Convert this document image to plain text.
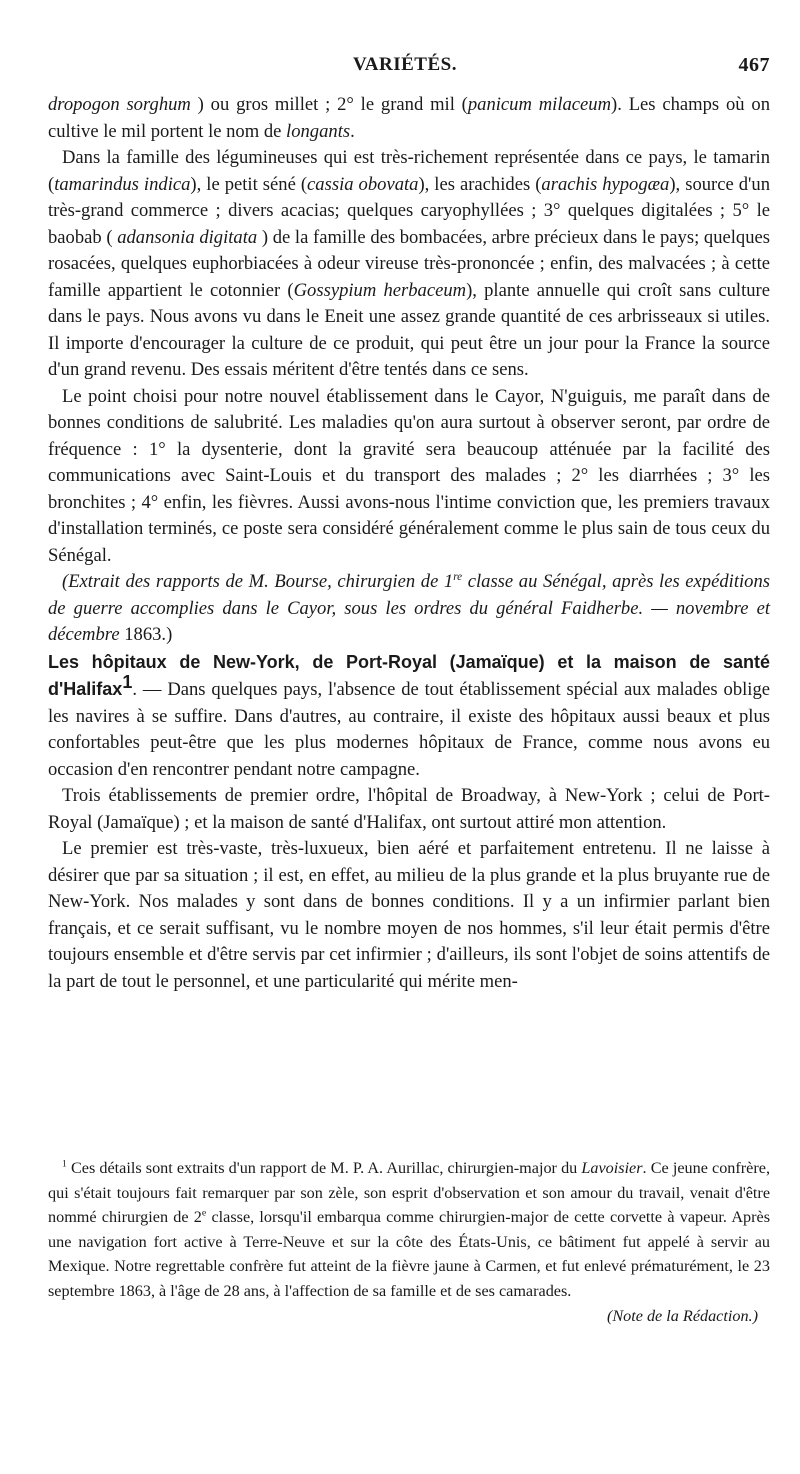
VARIÉTÉS.	467

dropogon sorghum ) ou gros millet ; 2° le grand mil (panicum milaceum). Les champs où on cultive le mil portent le nom de longants.

Dans la famille des légumineuses qui est très-richement représentée dans ce pays, le tamarin (tamarindus indica), le petit séné (cassia obovata), les arachides (arachis hypogæa), source d'un très-grand commerce ; divers acacias; quelques caryophyllées ; 3° quelques digitalées ; 5° le baobab ( adansonia digitata ) de la famille des bombacées, arbre précieux dans le pays; quelques rosacées, quelques euphorbiacées à odeur vireuse très-prononcée ; enfin, des malvacées ; à cette famille appartient le cotonnier (Gossypium herbaceum), plante annuelle qui croît sans culture dans le pays. Nous avons vu dans le Eneit une assez grande quantité de ces arbrisseaux si utiles. Il importe d'encourager la culture de ce produit, qui peut être un jour pour la France la source d'un grand revenu. Des essais méritent d'être tentés dans ce sens.

Le point choisi pour notre nouvel établissement dans le Cayor, N'guiguis, me paraît dans de bonnes conditions de salubrité. Les maladies qu'on aura surtout à observer seront, par ordre de fréquence : 1° la dysenterie, dont la gravité sera beaucoup atténuée par la facilité des communications avec Saint-Louis et du transport des malades ; 2° les diarrhées ; 3° les bronchites ; 4° enfin, les fièvres. Aussi avons-nous l'intime conviction que, les premiers travaux d'installation terminés, ce poste sera considéré généralement comme le plus sain de tous ceux du Sénégal.

(Extrait des rapports de M. Bourse, chirurgien de 1re classe au Sénégal, après les expéditions de guerre accomplies dans le Cayor, sous les ordres du général Faidherbe. — novembre et décembre 1863.)

Les hôpitaux de New-York, de Port-Royal (Jamaïque) et la maison de santé d'Halifax$^1$. — Dans quelques pays, l'absence de tout établissement spécial aux malades oblige les navires à se suffire. Dans d'autres, au contraire, il existe des hôpitaux aussi beaux et plus confortables peut-être que les plus modernes hôpitaux de France, comme nous avons eu occasion d'en rencontrer pendant notre campagne.

Trois établissements de premier ordre, l'hôpital de Broadway, à New-York ; celui de Port-Royal (Jamaïque) ; et la maison de santé d'Halifax, ont surtout attiré mon attention.

Le premier est très-vaste, très-luxueux, bien aéré et parfaitement entretenu. Il ne laisse à désirer que par sa situation ; il est, en effet, au milieu de la plus grande et la plus bruyante rue de New-York. Nos malades y sont dans de bonnes conditions. Il y a un infirmier parlant bien français, et ce serait suffisant, vu le nombre moyen de nos hommes, s'il leur était permis d'être toujours ensemble et d'être servis par cet infirmier ; d'ailleurs, ils sont l'objet de soins attentifs de la part de tout le personnel, et une particularité qui mérite men-

$^1$ Ces détails sont extraits d'un rapport de M. P. A. Aurillac, chirurgien-major du Lavoisier. Ce jeune confrère, qui s'était toujours fait remarquer par son zèle, son esprit d'observation et son amour du travail, venait d'être nommé chirurgien de 2e classe, lorsqu'il embarqua comme chirurgien-major de cette corvette à vapeur. Après une navigation fort active à Terre-Neuve et sur la côte des États-Unis, ce bâtiment fut appelé à servir au Mexique. Notre regrettable confrère fut atteint de la fièvre jaune à Carmen, et fut enlevé prématurément, le 23 septembre 1863, à l'âge de 28 ans, à l'affection de sa famille et de ses camarades.

(Note de la Rédaction.)
